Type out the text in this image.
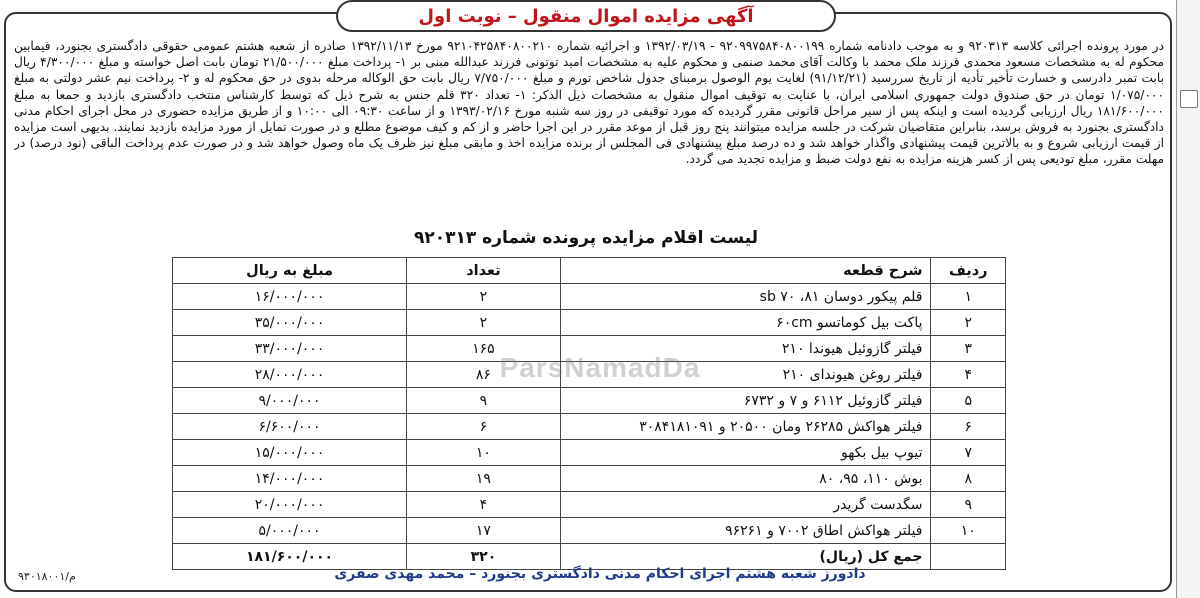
آگهی مزایده اموال منقول – نوبت اول
در مورد پرونده اجرائی کلاسه ۹۲۰۳۱۳ و به موجب دادنامه شماره ۹۲۰۹۹۷۵۸۴۰۸۰۰۱۹۹ - ۱۳۹۲/۰۳/۱۹ و اجرائیه شماره ۹۲۱۰۴۲۵۸۴۰۸۰۰۲۱۰ مورخ ۱۳۹۲/۱۱/۱۳ صادره از شعبه هشتم عمومی حقوقی دادگستری بجنورد، فیمابین محکوم له به مشخصات مسعود محمدی فرزند ملک محمد با وکالت آقای محمد صنمی و محکوم علیه به مشخصات امید توتونی فرزند عبدالله مبنی بر ۱- پرداخت مبلغ ۲۱/۵۰۰/۰۰۰ تومان بابت اصل خواسته و مبلغ ۴/۳۰۰/۰۰۰ ریال بابت تمبر دادرسی و خسارت تأخیر تأدیه از تاریخ سررسید (۹۱/۱۲/۲۱) لغایت یوم الوصول برمبنای جدول شاخص تورم و مبلغ ۷/۷۵۰/۰۰۰ ریال بابت حق الوکاله مرحله بدوی در حق محکوم له و ۲- پرداخت نیم عشر دولتی به مبلغ ۱/۰۷۵/۰۰۰ تومان در حق صندوق دولت جمهوری اسلامی ایران، با عنایت به توقیف اموال منقول به مشخصات ذیل الذکر: ۱- تعداد ۳۲۰ قلم جنس به شرح ذیل که توسط کارشناس منتخب دادگستری بازدید و جمعا به مبلغ ۱۸۱/۶۰۰/۰۰۰ ریال ارزیابی گردیده است و اینکه پس از سیر مراحل قانونی مقرر گردیده که مورد توقیفی در روز سه شنبه مورخ ۱۳۹۳/۰۲/۱۶ و از ساعت ۰۹:۳۰ الی ۱۰:۰۰ و از طریق مزایده حضوری در محل اجرای احکام مدنی دادگستری بجنورد به فروش برسد، بنابراین متقاضیان شرکت در جلسه مزایده میتوانند پنج روز قبل از موعد مقرر در این اجرا حاضر و از کم و کیف موضوع مطلع و در صورت تمایل از مورد مزایده بازدید نمایند. بدیهی است مزایده از قیمت ارزیابی شروع و به بالاترین قیمت پیشنهادی واگذار خواهد شد و ده درصد مبلغ پیشنهادی فی المجلس از برنده مزایده اخذ و مابقی مبلغ نیز ظرف یک ماه وصول خواهد شد و در صورت عدم پرداخت الباقی (نود درصد) در مهلت مقرر، مبلغ تودیعی پس از کسر هزینه مزایده به نفع دولت ضبط و مزایده تجدید می گردد.
لیست اقلام مزایده پرونده شماره ۹۲۰۳۱۳
ردیف	شرح قطعه	تعداد	مبلغ به ریال
۱	قلم پیکور دوسان ۸۱، ۷۰ sb	۲	۱۶/۰۰۰/۰۰۰
۲	پاکت بیل کوماتسو ۶۰cm	۲	۳۵/۰۰۰/۰۰۰
۳	فیلتر گازوئیل هیوندا ۲۱۰	۱۶۵	۳۳/۰۰۰/۰۰۰
۴	فیلتر روغن هیوندای ۲۱۰	۸۶	۲۸/۰۰۰/۰۰۰
۵	فیلتر گازوئیل ۶۱۱۲ و ۷ و ۶۷۳۲	۹	۹/۰۰۰/۰۰۰
۶	فیلتر هواکش ۲۶۲۸۵ ومان ۲۰۵۰۰ و ۳۰۸۴۱۸۱۰۹۱	۶	۶/۶۰۰/۰۰۰
۷	تیوپ بیل بکهو	۱۰	۱۵/۰۰۰/۰۰۰
۸	بوش ۱۱۰، ۹۵، ۸۰	۱۹	۱۴/۰۰۰/۰۰۰
۹	سگدست گریدر	۴	۲۰/۰۰۰/۰۰۰
۱۰	فیلتر هواکش اطاق ۷۰۰۲ و ۹۶۲۶۱	۱۷	۵/۰۰۰/۰۰۰
	جمع کل (ریال)	۳۲۰	۱۸۱/۶۰۰/۰۰۰
ParsNamadDa
دادورز شعبه هشتم اجرای احکام مدنی دادگستری بجنورد – محمد مهدی صفری
۹۳۰۱۸۰۰۱/م
